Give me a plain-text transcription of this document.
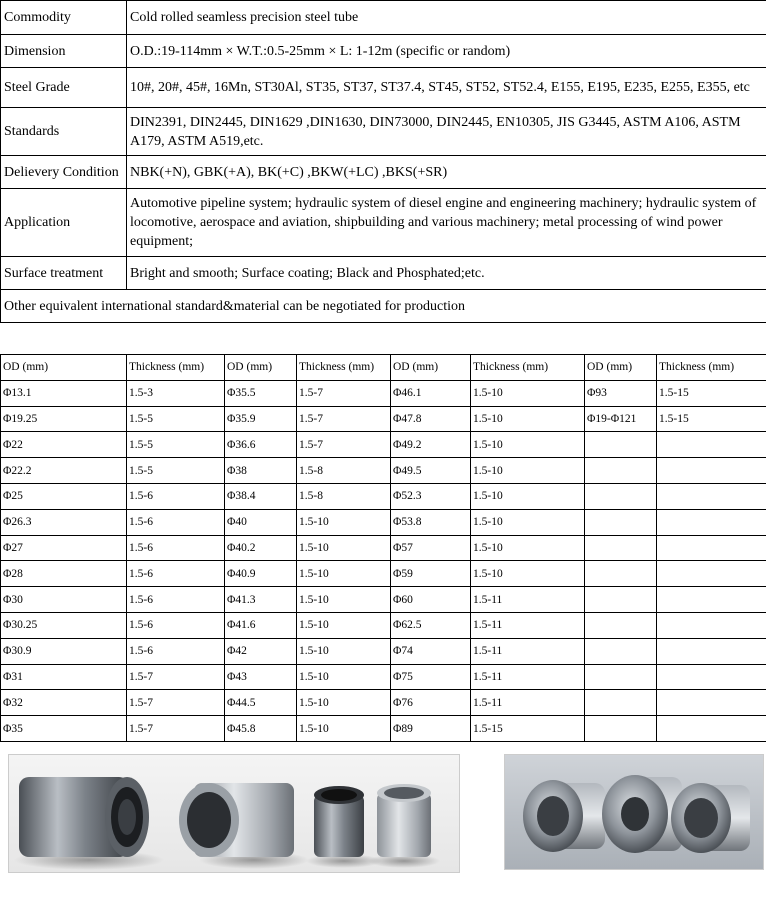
Commodity	Cold rolled seamless precision steel tube
Dimension	O.D.:19-114mm × W.T.:0.5-25mm × L: 1-12m (specific or random)
Steel Grade	10#, 20#, 45#, 16Mn, ST30Al, ST35, ST37, ST37.4, ST45, ST52, ST52.4, E155, E195, E235, E255, E355, etc
Standards	DIN2391, DIN2445, DIN1629 ,DIN1630, DIN73000, DIN2445, EN10305, JIS G3445, ASTM A106, ASTM A179, ASTM A519,etc.
Delievery Condition	NBK(+N), GBK(+A), BK(+C) ,BKW(+LC) ,BKS(+SR)
Application	Automotive pipeline system; hydraulic system of diesel engine and engineering machinery; hydraulic system of locomotive, aerospace and aviation, shipbuilding and various machinery; metal processing of wind power equipment;
Surface treatment	Bright and smooth; Surface coating; Black and Phosphated;etc.
Other equivalent international standard&material can be negotiated for production	
OD (mm)	Thickness (mm)	OD (mm)	Thickness (mm)	OD (mm)	Thickness (mm)	OD (mm)	Thickness (mm)
Φ13.1	1.5-3	Φ35.5	1.5-7	Φ46.1	1.5-10	Φ93	1.5-15
Φ19.25	1.5-5	Φ35.9	1.5-7	Φ47.8	1.5-10	Φ19-Φ121	1.5-15
Φ22	1.5-5	Φ36.6	1.5-7	Φ49.2	1.5-10		
Φ22.2	1.5-5	Φ38	1.5-8	Φ49.5	1.5-10		
Φ25	1.5-6	Φ38.4	1.5-8	Φ52.3	1.5-10		
Φ26.3	1.5-6	Φ40	1.5-10	Φ53.8	1.5-10		
Φ27	1.5-6	Φ40.2	1.5-10	Φ57	1.5-10		
Φ28	1.5-6	Φ40.9	1.5-10	Φ59	1.5-10		
Φ30	1.5-6	Φ41.3	1.5-10	Φ60	1.5-11		
Φ30.25	1.5-6	Φ41.6	1.5-10	Φ62.5	1.5-11		
Φ30.9	1.5-6	Φ42	1.5-10	Φ74	1.5-11		
Φ31	1.5-7	Φ43	1.5-10	Φ75	1.5-11		
Φ32	1.5-7	Φ44.5	1.5-10	Φ76	1.5-11		
Φ35	1.5-7	Φ45.8	1.5-10	Φ89	1.5-15		
